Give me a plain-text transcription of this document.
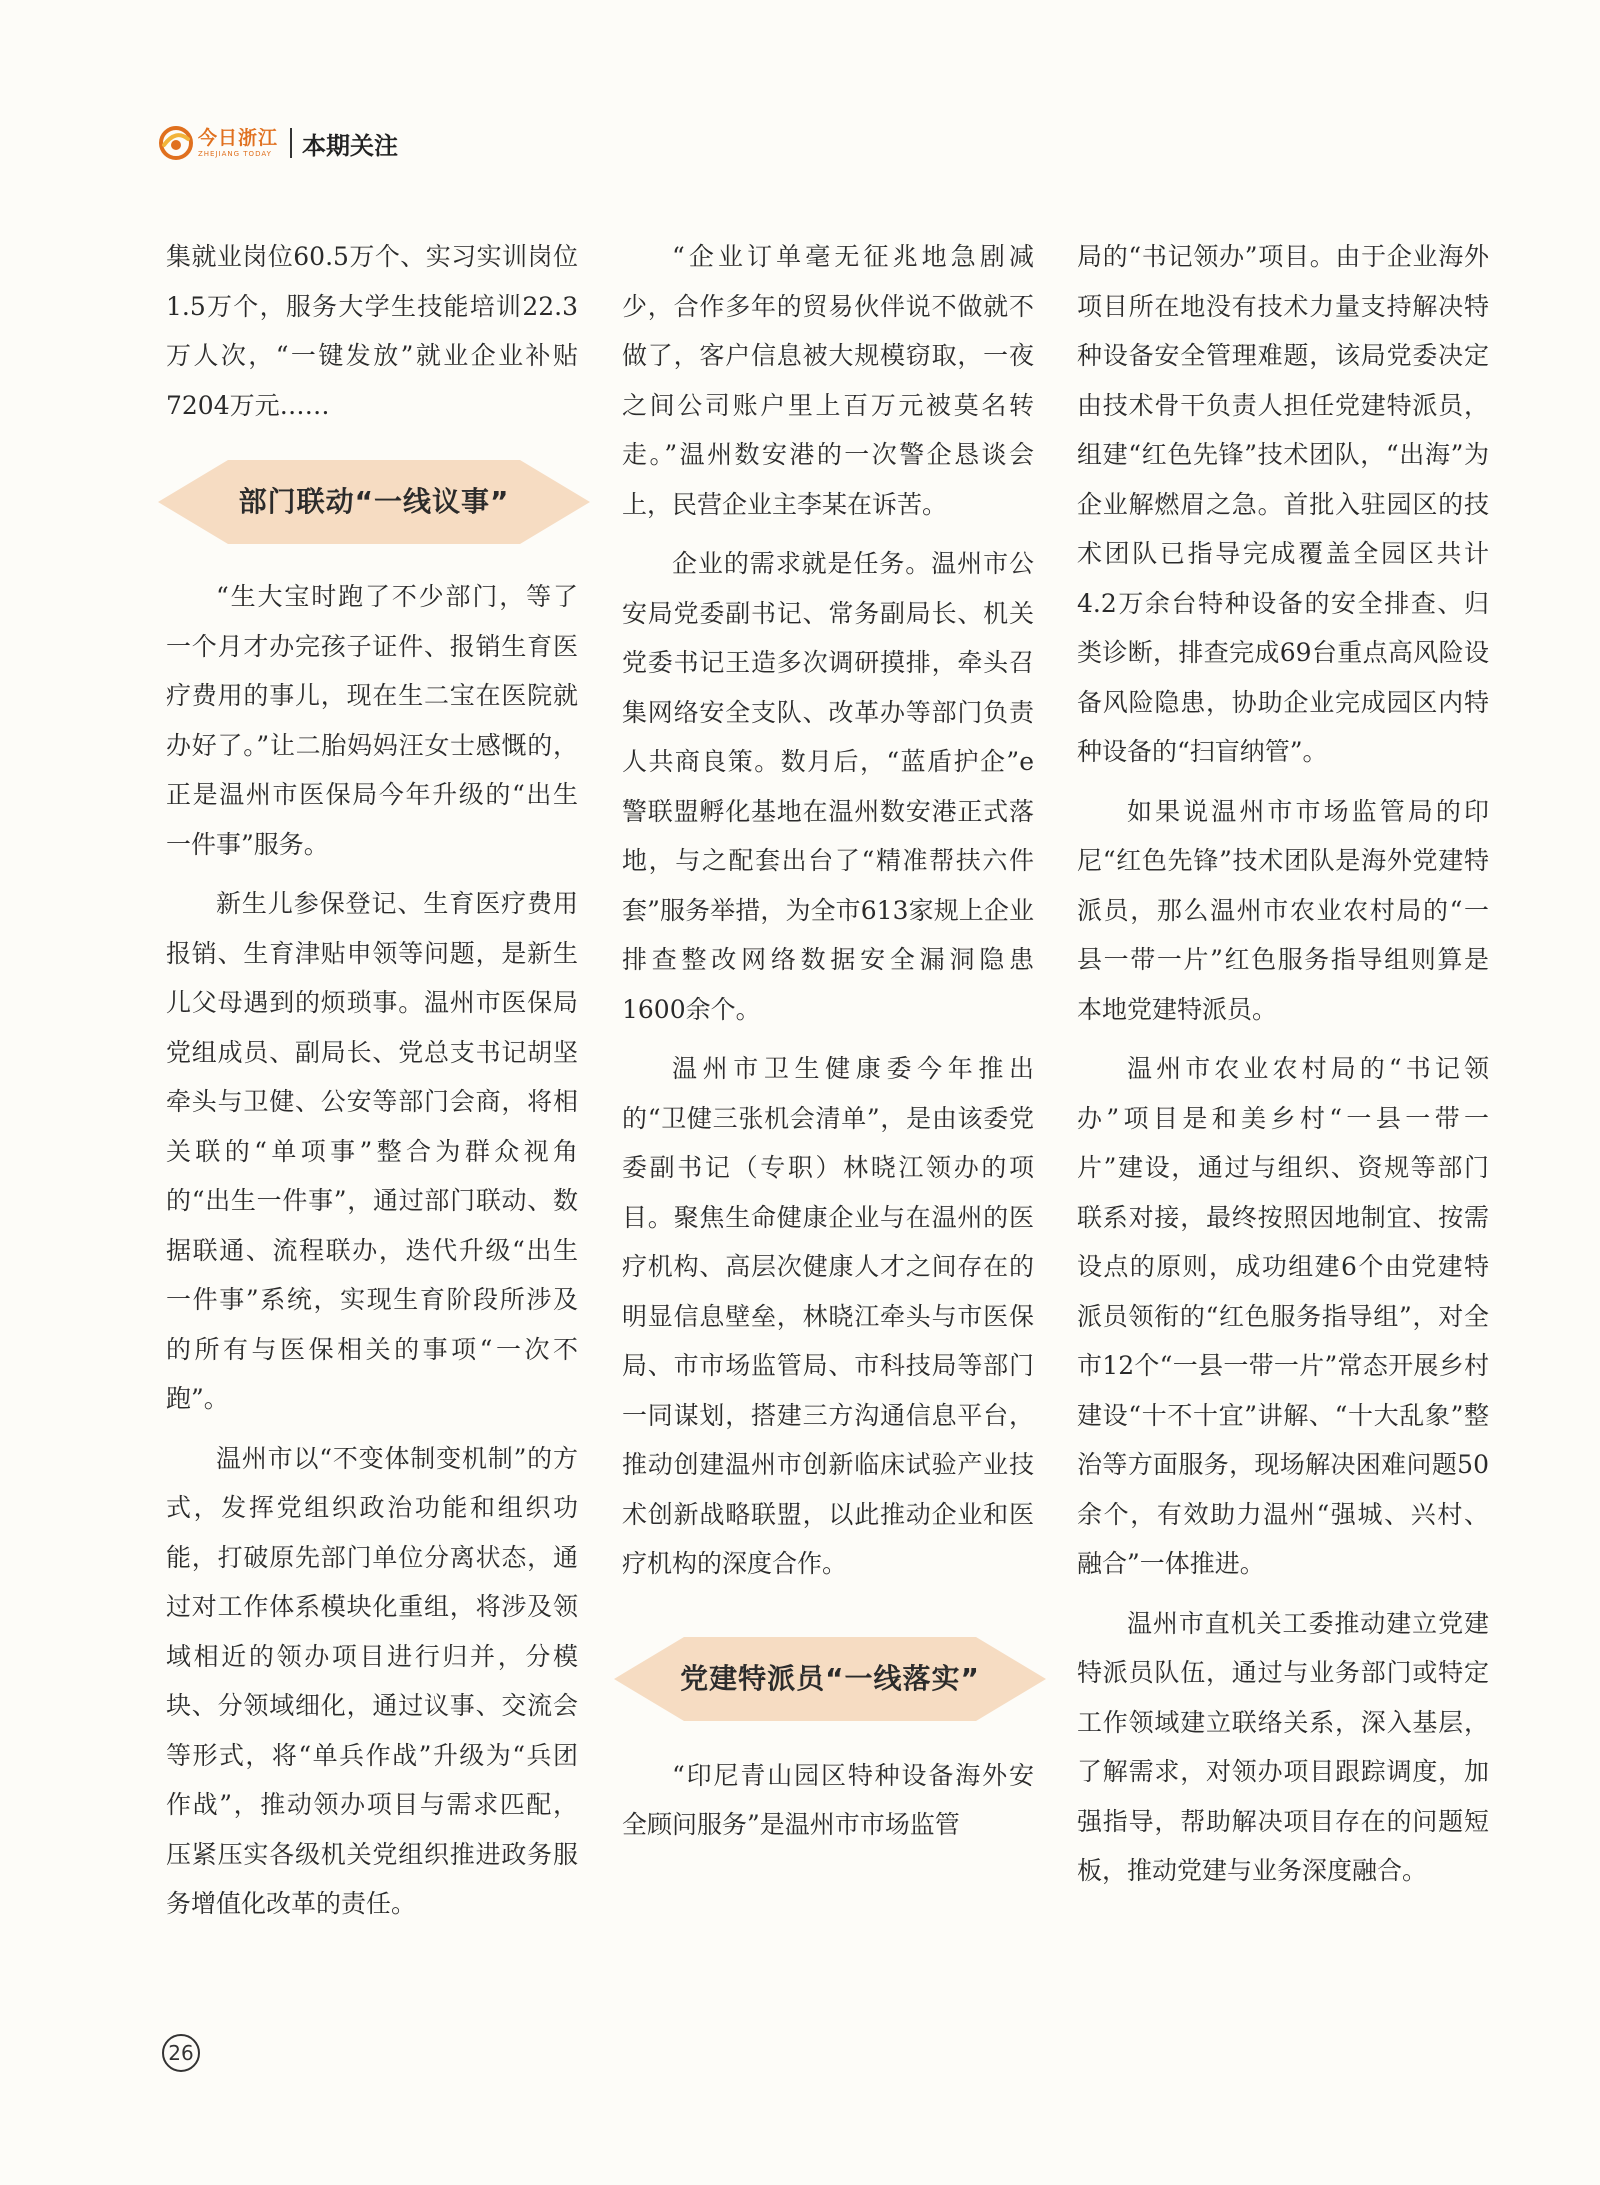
今日浙江
ZHEJIANG TODAY 本期关注

集就业岗位60.5万个、实习实训岗位1.5万个，服务大学生技能培训22.3万人次，“一键发放”就业企业补贴7204万元……

部门联动“一线议事”

“生大宝时跑了不少部门，等了一个月才办完孩子证件、报销生育医疗费用的事儿，现在生二宝在医院就办好了。”让二胎妈妈汪女士感慨的，正是温州市医保局今年升级的“出生一件事”服务。

新生儿参保登记、生育医疗费用报销、生育津贴申领等问题，是新生儿父母遇到的烦琐事。温州市医保局党组成员、副局长、党总支书记胡坚牵头与卫健、公安等部门会商，将相关联的“单项事”整合为群众视角的“出生一件事”，通过部门联动、数据联通、流程联办，迭代升级“出生一件事”系统，实现生育阶段所涉及的所有与医保相关的事项“一次不跑”。

温州市以“不变体制变机制”的方式，发挥党组织政治功能和组织功能，打破原先部门单位分离状态，通过对工作体系模块化重组，将涉及领域相近的领办项目进行归并，分模块、分领域细化，通过议事、交流会等形式，将“单兵作战”升级为“兵团作战”，推动领办项目与需求匹配，压紧压实各级机关党组织推进政务服务增值化改革的责任。

“企业订单毫无征兆地急剧减少，合作多年的贸易伙伴说不做就不做了，客户信息被大规模窃取，一夜之间公司账户里上百万元被莫名转走。”温州数安港的一次警企恳谈会上，民营企业主李某在诉苦。

企业的需求就是任务。温州市公安局党委副书记、常务副局长、机关党委书记王造多次调研摸排，牵头召集网络安全支队、改革办等部门负责人共商良策。数月后，“蓝盾护企”e警联盟孵化基地在温州数安港正式落地，与之配套出台了“精准帮扶六件套”服务举措，为全市613家规上企业排查整改网络数据安全漏洞隐患1600余个。

温州市卫生健康委今年推出的“卫健三张机会清单”，是由该委党委副书记（专职）林晓江领办的项目。聚焦生命健康企业与在温州的医疗机构、高层次健康人才之间存在的明显信息壁垒，林晓江牵头与市医保局、市市场监管局、市科技局等部门一同谋划，搭建三方沟通信息平台，推动创建温州市创新临床试验产业技术创新战略联盟，以此推动企业和医疗机构的深度合作。

党建特派员“一线落实”

“印尼青山园区特种设备海外安全顾问服务”是温州市市场监管

局的“书记领办”项目。由于企业海外项目所在地没有技术力量支持解决特种设备安全管理难题，该局党委决定由技术骨干负责人担任党建特派员，组建“红色先锋”技术团队，“出海”为企业解燃眉之急。首批入驻园区的技术团队已指导完成覆盖全园区共计4.2万余台特种设备的安全排查、归类诊断，排查完成69台重点高风险设备风险隐患，协助企业完成园区内特种设备的“扫盲纳管”。

如果说温州市市场监管局的印尼“红色先锋”技术团队是海外党建特派员，那么温州市农业农村局的“一县一带一片”红色服务指导组则算是本地党建特派员。

温州市农业农村局的“书记领办”项目是和美乡村“一县一带一片”建设，通过与组织、资规等部门联系对接，最终按照因地制宜、按需设点的原则，成功组建6个由党建特派员领衔的“红色服务指导组”，对全市12个“一县一带一片”常态开展乡村建设“十不十宜”讲解、“十大乱象”整治等方面服务，现场解决困难问题50余个，有效助力温州“强城、兴村、融合”一体推进。

温州市直机关工委推动建立党建特派员队伍，通过与业务部门或特定工作领域建立联络关系，深入基层，了解需求，对领办项目跟踪调度，加强指导，帮助解决项目存在的问题短板，推动党建与业务深度融合。

26
